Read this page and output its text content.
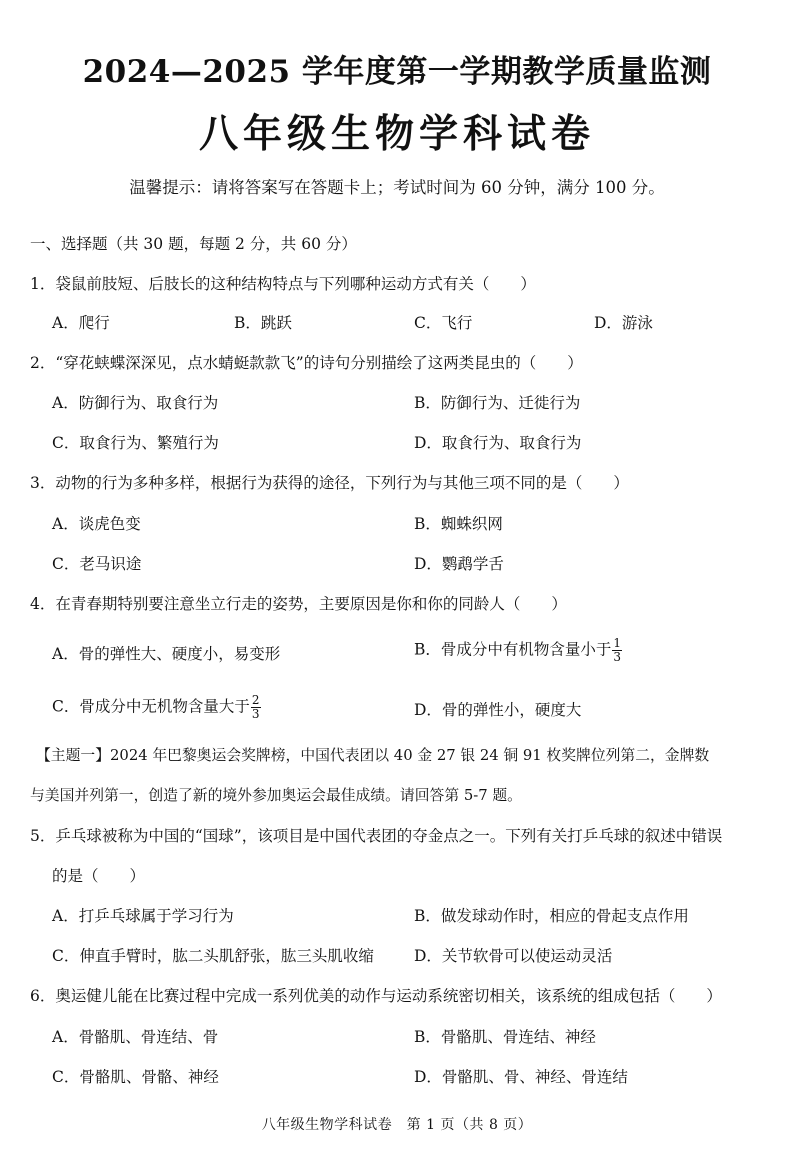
2024—2025 学年度第一学期教学质量监测
八年级生物学科试卷
温馨提示：请将答案写在答题卡上；考试时间为 60 分钟，满分 100 分。
一、选择题（共 30 题，每题 2 分，共 60 分）
1．袋鼠前肢短、后肢长的这种结构特点与下列哪种运动方式有关（　　）
A．爬行	B．跳跃	C．飞行	D．游泳
2．“穿花蛱蝶深深见，点水蜻蜓款款飞”的诗句分别描绘了这两类昆虫的（　　）
A．防御行为、取食行为	B．防御行为、迁徙行为
C．取食行为、繁殖行为	D．取食行为、取食行为
3．动物的行为多种多样，根据行为获得的途径，下列行为与其他三项不同的是（　　）
A．谈虎色变	B．蜘蛛织网
C．老马识途	D．鹦鹉学舌
4．在青春期特别要注意坐立行走的姿势，主要原因是你和你的同龄人（　　）
A．骨的弹性大、硬度小，易变形	B．骨成分中有机物含量小于 $\frac{1}{3}$
C．骨成分中无机物含量大于 $\frac{2}{3}$	D．骨的弹性小，硬度大
【主题一】2024 年巴黎奥运会奖牌榜，中国代表团以 40 金 27 银 24 铜 91 枚奖牌位列第二，金牌数
与美国并列第一，创造了新的境外参加奥运会最佳成绩。请回答第 5-7 题。
5．乒乓球被称为中国的“国球”，该项目是中国代表团的夺金点之一。下列有关打乒乓球的叙述中错误
的是（　　）
A．打乒乓球属于学习行为	B．做发球动作时，相应的骨起支点作用
C．伸直手臂时，肱二头肌舒张，肱三头肌收缩	D．关节软骨可以使运动灵活
6．奥运健儿能在比赛过程中完成一系列优美的动作与运动系统密切相关，该系统的组成包括（　　）
A．骨骼肌、骨连结、骨	B．骨骼肌、骨连结、神经
C．骨骼肌、骨骼、神经	D．骨骼肌、骨、神经、骨连结
八年级生物学科试卷　第 1 页（共 8 页）
